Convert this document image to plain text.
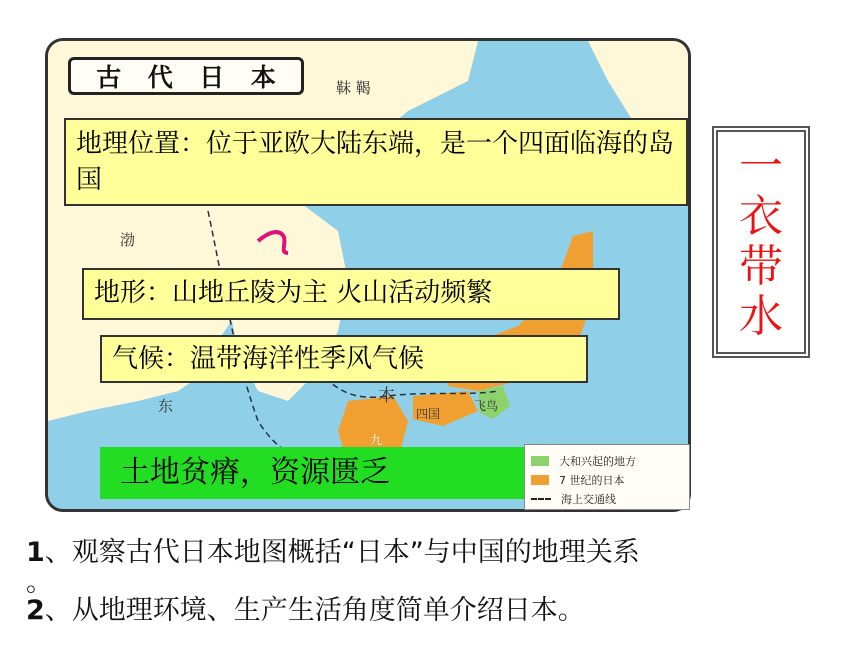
古 代 日 本	靺 鞨
渤
东	本
四国
飞鸟
九
地理位置：位于亚欧大陆东端，是一个四面临海的岛国
地形：山地丘陵为主 火山活动频繁
气候：温带海洋性季风气候
土地贫瘠，资源匮乏	大和兴起的地方
7 世纪的日本
海上交通线
一
衣
带
水
1、观察古代日本地图概括“日本”与中国的地理关系
。
2、从地理环境、生产生活角度简单介绍日本。
